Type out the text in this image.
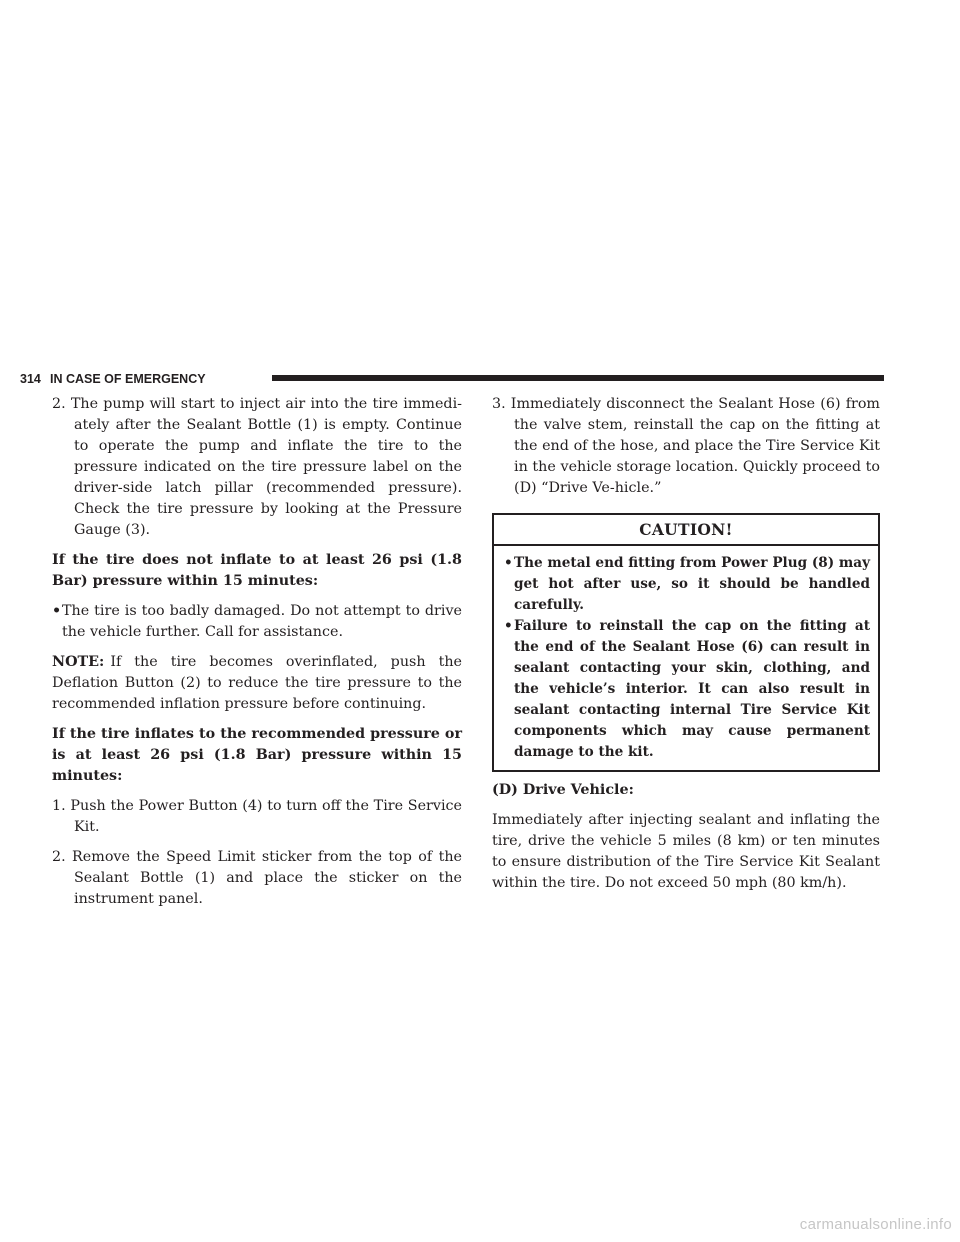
314 IN CASE OF EMERGENCY

2. The pump will start to inject air into the tire immedi-ately after the Sealant Bottle (1) is empty. Continue to operate the pump and inflate the tire to the pressure indicated on the tire pressure label on the driver-side latch pillar (recommended pressure). Check the tire pressure by looking at the Pressure Gauge (3).

If the tire does not inflate to at least 26 psi (1.8 Bar) pressure within 15 minutes:

• The tire is too badly damaged. Do not attempt to drive the vehicle further. Call for assistance.

NOTE: If the tire becomes overinflated, push the Deflation Button (2) to reduce the tire pressure to the recommended inflation pressure before continuing.

If the tire inflates to the recommended pressure or is at least 26 psi (1.8 Bar) pressure within 15 minutes:

1. Push the Power Button (4) to turn off the Tire Service Kit.

2. Remove the Speed Limit sticker from the top of the Sealant Bottle (1) and place the sticker on the instrument panel.

3. Immediately disconnect the Sealant Hose (6) from the valve stem, reinstall the cap on the fitting at the end of the hose, and place the Tire Service Kit in the vehicle storage location. Quickly proceed to (D) “Drive Ve-hicle.”

CAUTION!
• The metal end fitting from Power Plug (8) may get hot after use, so it should be handled carefully.
• Failure to reinstall the cap on the fitting at the end of the Sealant Hose (6) can result in sealant contacting your skin, clothing, and the vehicle’s interior. It can also result in sealant contacting internal Tire Service Kit components which may cause permanent damage to the kit.

(D) Drive Vehicle:

Immediately after injecting sealant and inflating the tire, drive the vehicle 5 miles (8 km) or ten minutes to ensure distribution of the Tire Service Kit Sealant within the tire. Do not exceed 50 mph (80 km/h).

carmanualsonline.info
